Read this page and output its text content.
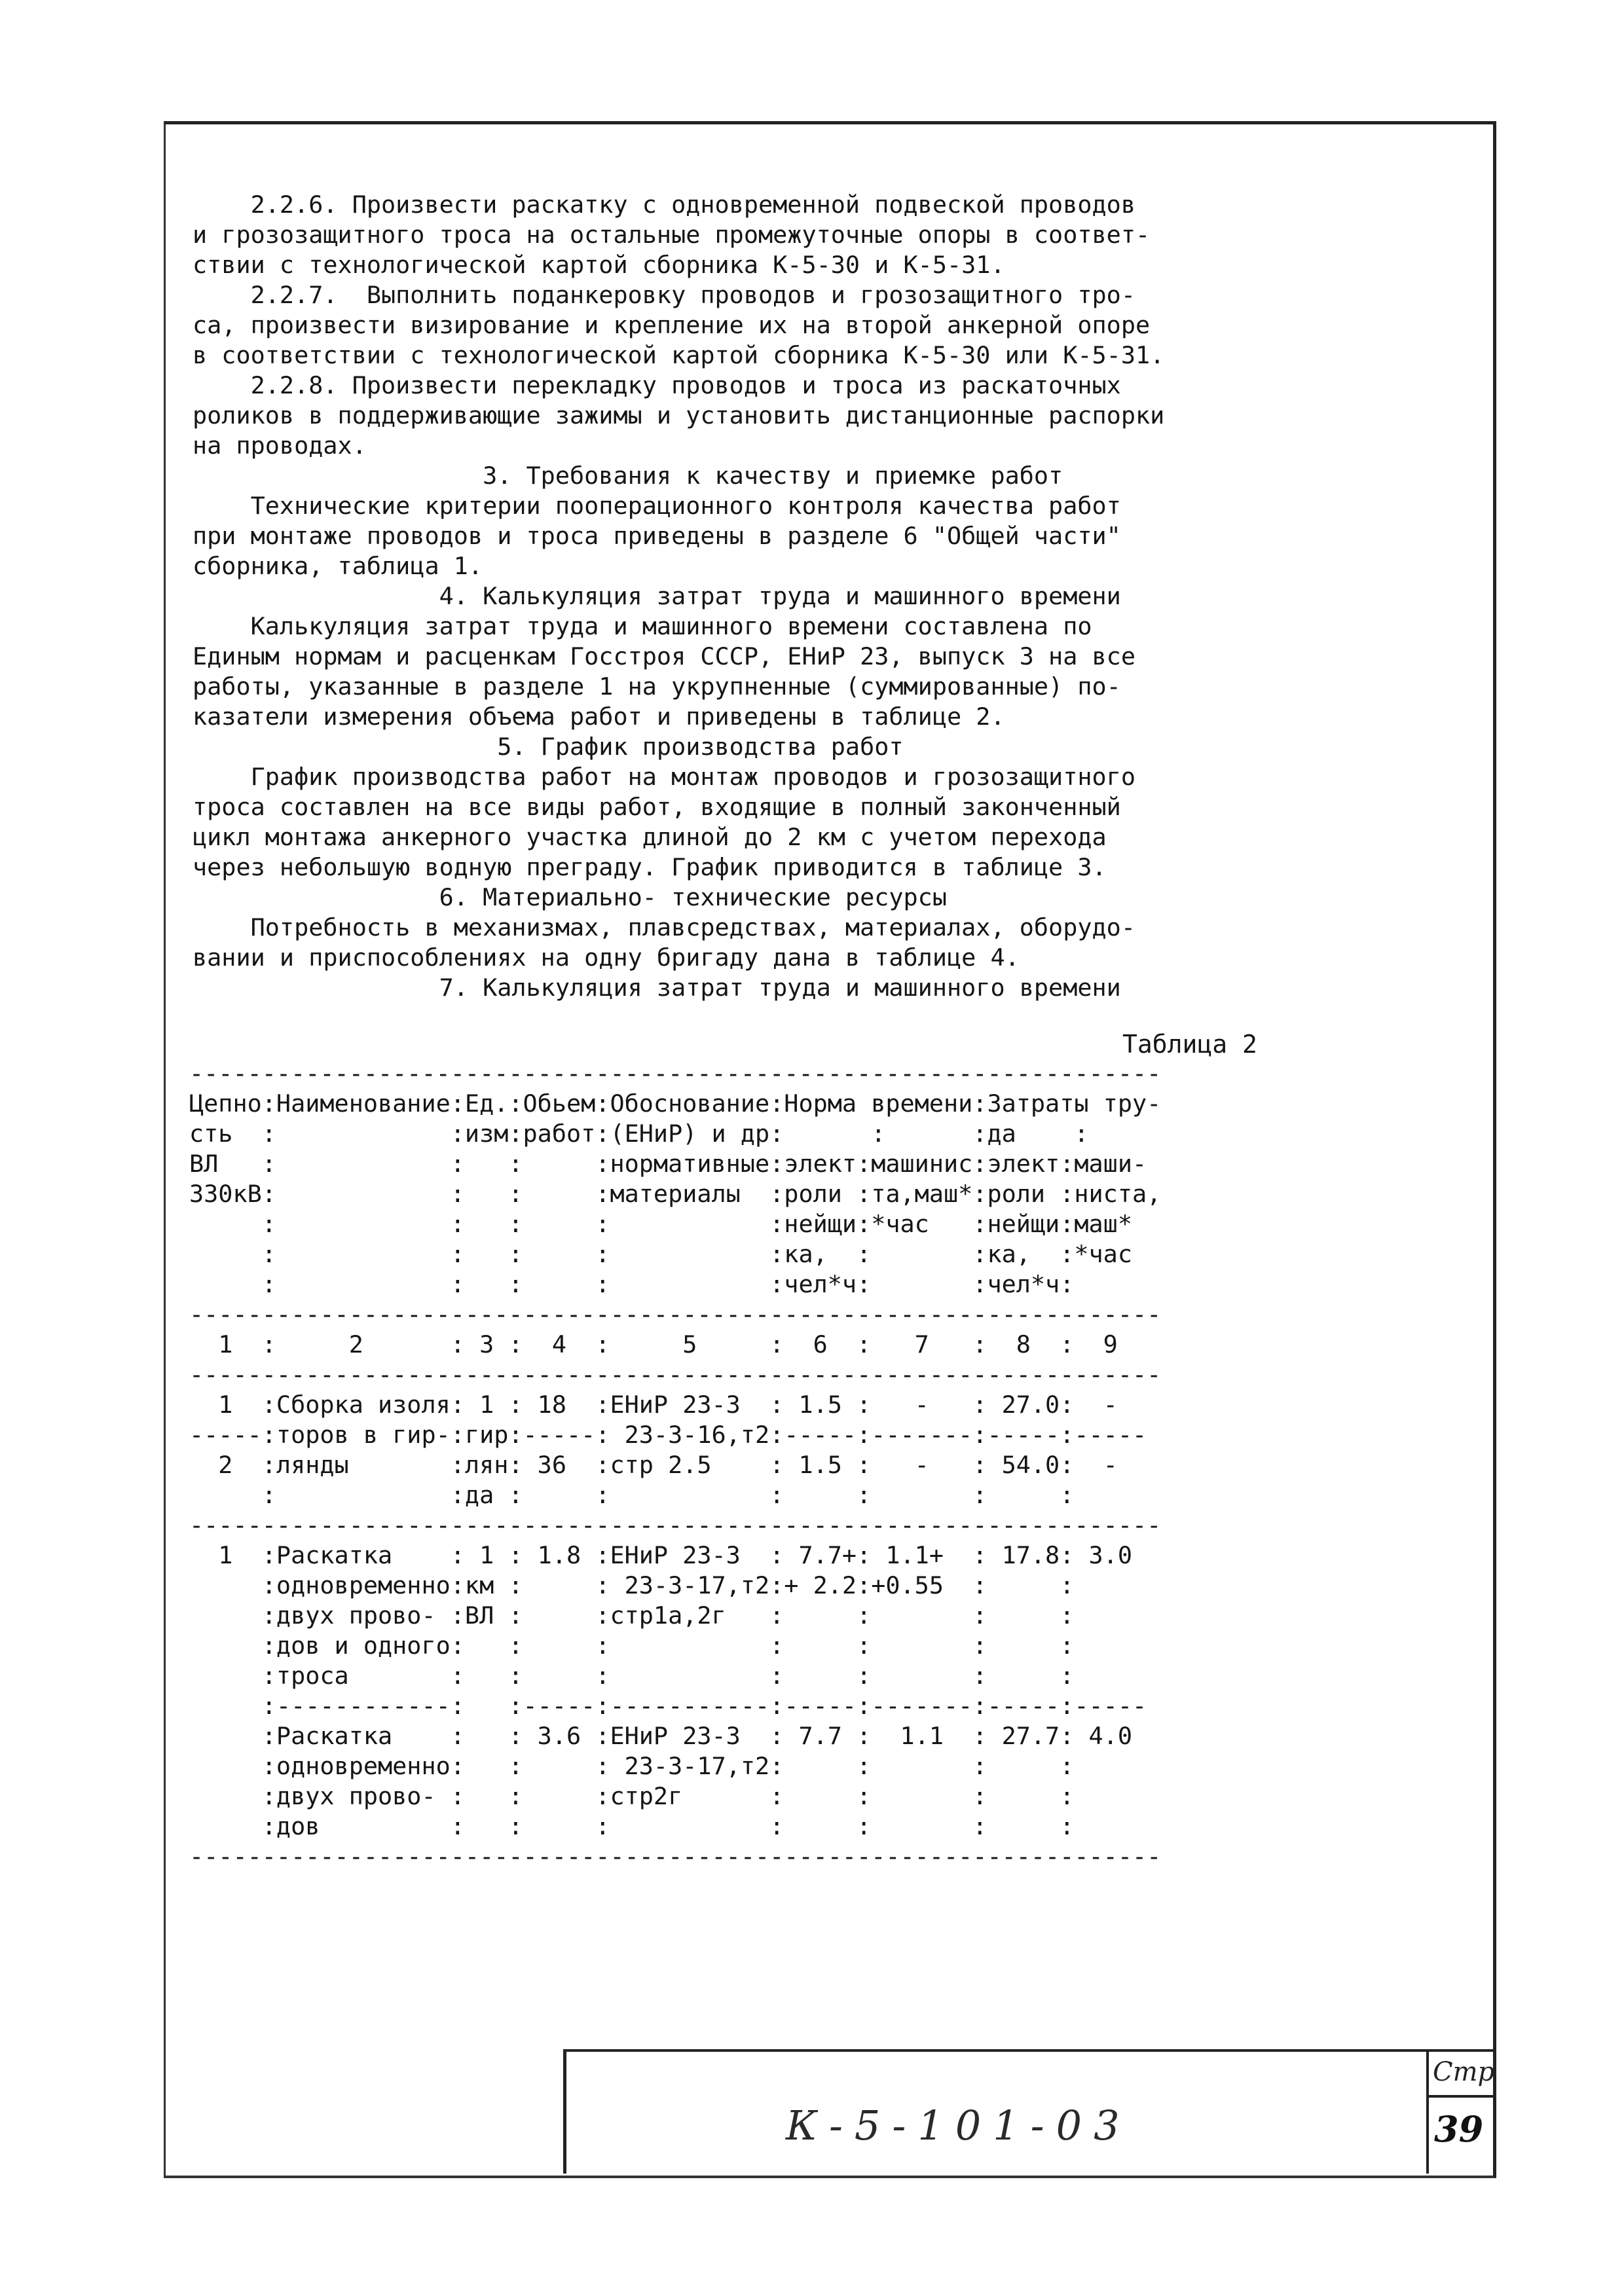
2.2.6. Произвести раскатку с одновременной подвеской проводов
и грозозащитного троса на остальные промежуточные опоры в соответ-
ствии с технологической картой сборника К-5-30 и К-5-31.
2.2.7.  Выполнить поданкеровку проводов и грозозащитного тро-
са, произвести визирование и крепление их на второй анкерной опоре
в соответствии с технологической картой сборника К-5-30 или К-5-31.
2.2.8. Произвести перекладку проводов и троса из раскаточных
роликов в поддерживающие зажимы и установить дистанционные распорки
на проводах.
3. Требования к качеству и приемке работ
Технические критерии пооперационного контроля качества работ
при монтаже проводов и троса приведены в разделе 6 "Общей части"
сборника, таблица 1.
4. Калькуляция затрат труда и машинного времени
Калькуляция затрат труда и машинного времени составлена по
Единым нормам и расценкам Госстроя СССР, ЕНиР 23, выпуск 3 на все
работы, указанные в разделе 1 на укрупненные (суммированные) по-
казатели измерения объема работ и приведены в таблице 2.
5. График производства работ
График производства работ на монтаж проводов и грозозащитного
троса составлен на все виды работ, входящие в полный законченный
цикл монтажа анкерного участка длиной до 2 км с учетом перехода
через небольшую водную преграду. График приводится в таблице 3.
6. Материально- технические ресурсы
Потребность в механизмах, плавсредствах, материалах, оборудо-
вании и приспособлениях на одну бригаду дана в таблице 4.
7. Калькуляция затрат труда и машинного времени
Таблица 2
-------------------------------------------------------------------
Цепно:Наименование:Ед.:Обьем:Обоснование:Норма времени:Затраты тру-
сть  :            :изм:работ:(ЕНиР) и др:      :      :да    :
ВЛ   :            :   :     :нормативные:элект:машинис:элект:маши-
330кВ:            :   :     :материалы  :роли :та,маш*:роли :ниста,
:            :   :     :           :нейщи:*час   :нейщи:маш*
:            :   :     :           :ка,  :       :ка,  :*час
:            :   :     :           :чел*ч:       :чел*ч:
-------------------------------------------------------------------
1  :     2      : 3 :  4  :     5     :  6  :   7   :  8  :  9
-------------------------------------------------------------------
1  :Сборка изоля: 1 : 18  :ЕНиР 23-3  : 1.5 :   -   : 27.0:  -
-----:торов в гир-:гир:-----: 23-3-16,т2:-----:-------:-----:-----
2  :лянды       :лян: 36  :стр 2.5    : 1.5 :   -   : 54.0:  -
:            :да :     :           :     :       :     :
-------------------------------------------------------------------
1  :Раскатка    : 1 : 1.8 :ЕНиР 23-3  : 7.7+: 1.1+  : 17.8: 3.0
:одновременно:км :     : 23-3-17,т2:+ 2.2:+0.55  :     :
:двух прово- :ВЛ :     :стр1а,2г   :     :       :     :
:дов и одного:   :     :           :     :       :     :
:троса       :   :     :           :     :       :     :
:------------:   :-----:-----------:-----:-------:-----:-----
:Раскатка    :   : 3.6 :ЕНиР 23-3  : 7.7 :  1.1  : 27.7: 4.0
:одновременно:   :     : 23-3-17,т2:     :       :     :
:двух прово- :   :     :стр2г      :     :       :     :
:дов         :   :     :           :     :       :     :
-------------------------------------------------------------------
К-5-101-03
Стр
39
